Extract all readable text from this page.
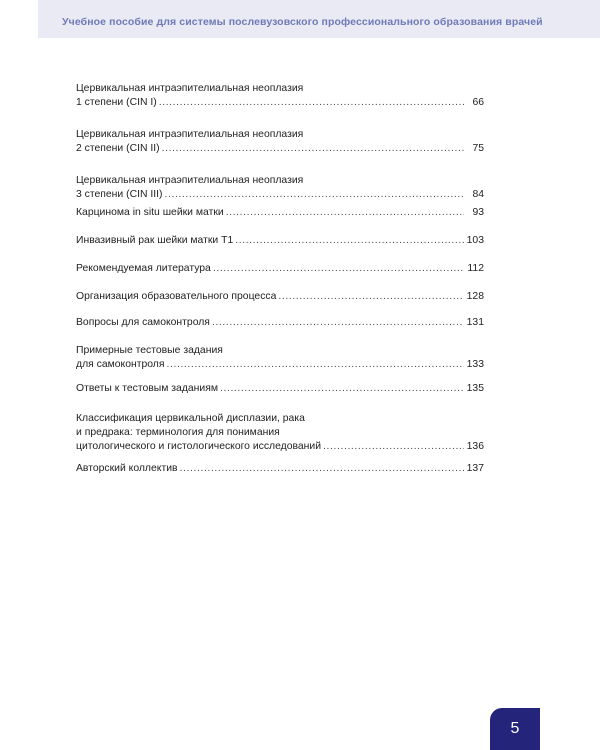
Учебное пособие для системы послевузовского профессионального образования врачей
Цервикальная интраэпителиальная неоплазия
1 степени (CIN I) .....	66
Цервикальная интраэпителиальная неоплазия
2 степени (CIN II) .....	75
Цервикальная интраэпителиальная неоплазия
3 степени (CIN III) .....	84
Карцинома in situ шейки матки .....	93
Инвазивный рак шейки матки Т1 .....	103
Рекомендуемая литература .....	112
Организация образовательного процесса .....	128
Вопросы для самоконтроля .....	131
Примерные тестовые задания
для самоконтроля .....	133
Ответы к тестовым заданиям .....	135
Классификация цервикальной дисплазии, рака
и предрака: терминология для понимания
цитологического и гистологического исследований .....	136
Авторский коллектив .....	137
5
